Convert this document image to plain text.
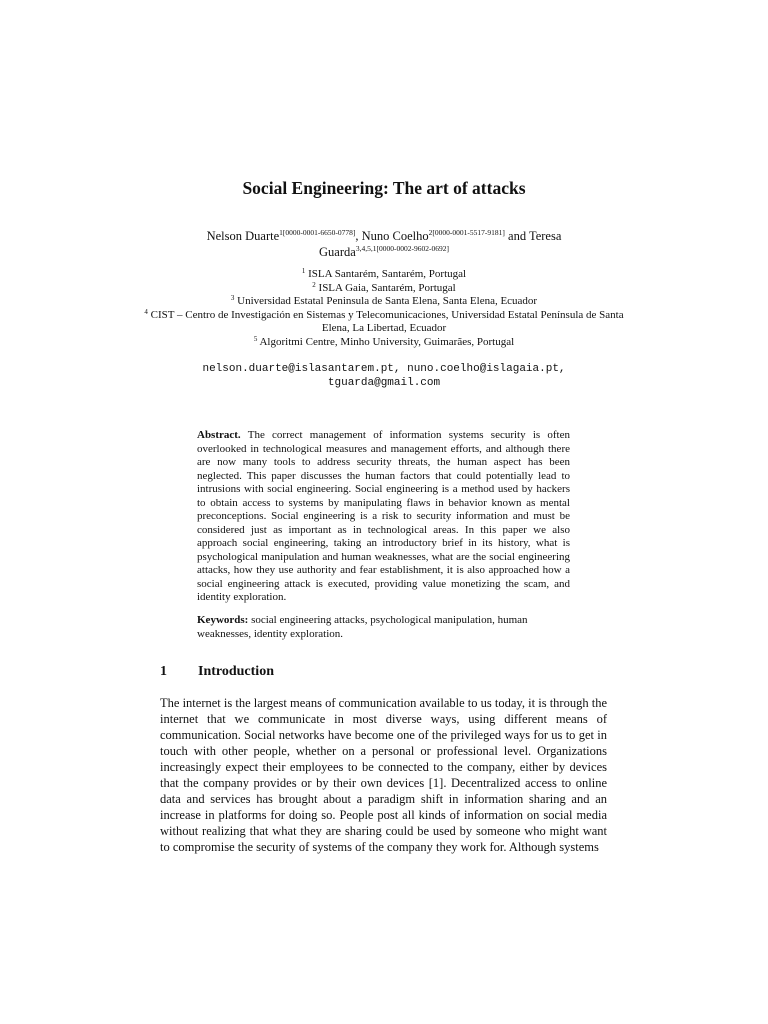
Social Engineering: The art of attacks
Nelson Duarte$^{1[0000-0001-6650-0778]}$, Nuno Coelho$^{2[0000-0001-5517-9181]}$ and Teresa
Guarda$^{3,4,5,1[0000-0002-9602-0692]}$
$^1$ ISLA Santarém, Santarém, Portugal
$^2$ ISLA Gaia, Santarém, Portugal
$^3$ Universidad Estatal Peninsula de Santa Elena, Santa Elena, Ecuador
$^4$ CIST – Centro de Investigación en Sistemas y Telecomunicaciones, Universidad Estatal Península de Santa Elena, La Libertad, Ecuador
$^5$ Algoritmi Centre, Minho University, Guimarães, Portugal
nelson.duarte@islasantarem.pt, nuno.coelho@islagaia.pt,
tguarda@gmail.com

Abstract. The correct management of information systems security is often overlooked in technological measures and management efforts, and although there are now many tools to address security threats, the human aspect has been neglected. This paper discusses the human factors that could potentially lead to intrusions with social engineering. Social engineering is a method used by hackers to obtain access to systems by manipulating flaws in behavior known as mental preconceptions. Social engineering is a risk to security information and must be considered just as important as in technological areas. In this paper we also approach social engineering, taking an introductory brief in its history, what is psychological manipulation and human weaknesses, what are the social engineering attacks, how they use authority and fear establishment, it is also approached how a social engineering attack is executed, providing value monetizing the scam, and identity exploration.

Keywords: social engineering attacks, psychological manipulation, human weaknesses, identity exploration.

1 Introduction

The internet is the largest means of communication available to us today, it is through the internet that we communicate in most diverse ways, using different means of communication. Social networks have become one of the privileged ways for us to get in touch with other people, whether on a personal or professional level. Organizations increasingly expect their employees to be connected to the company, either by devices that the company provides or by their own devices [1]. Decentralized access to online data and services has brought about a paradigm shift in information sharing and an increase in platforms for doing so. People post all kinds of information on social media without realizing that what they are sharing could be used by someone who might want to compromise the security of systems of the company they work for. Although systems
